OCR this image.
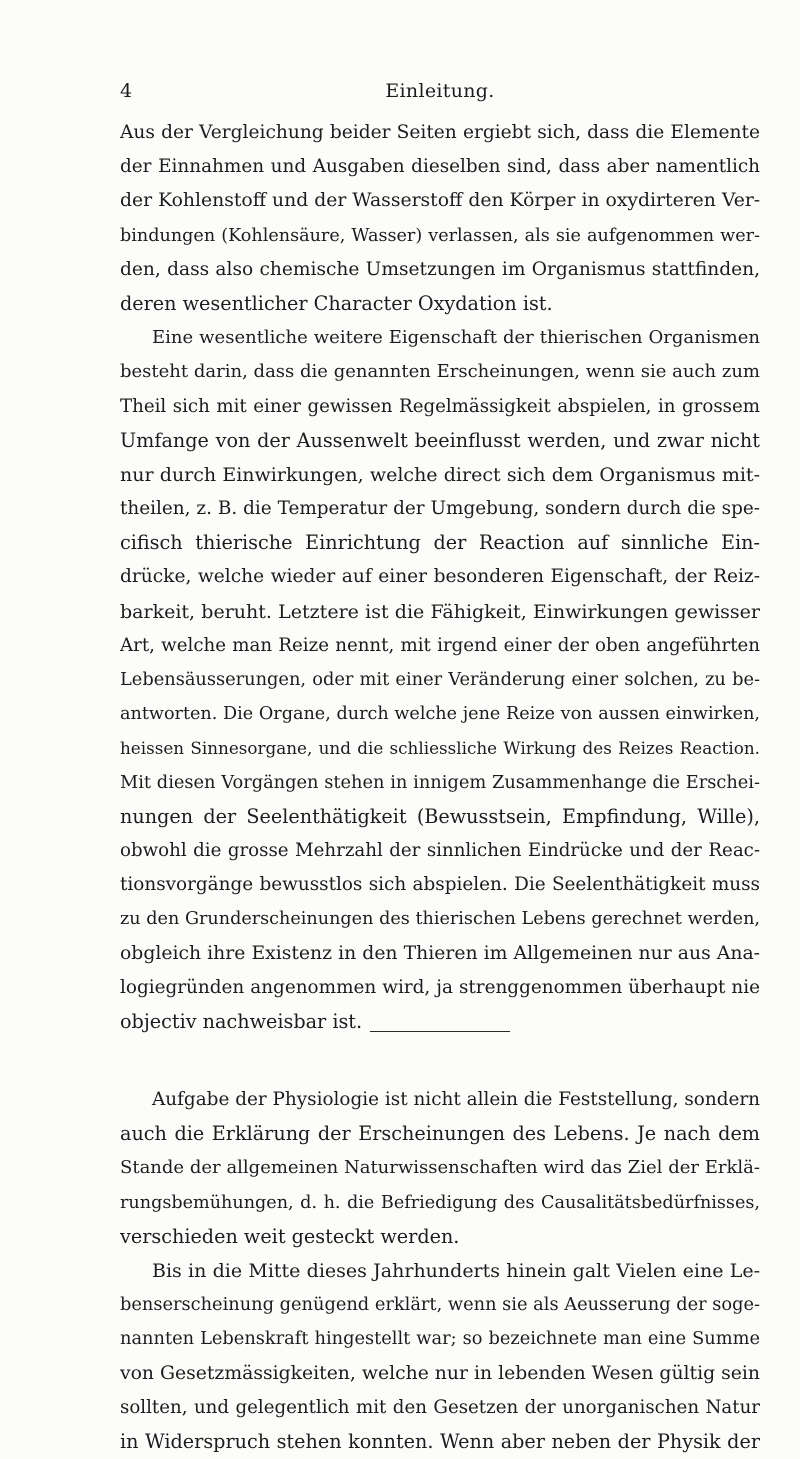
4	Einleitung.
Aus der Vergleichung beider Seiten ergiebt sich, dass die Elemente
der Einnahmen und Ausgaben dieselben sind, dass aber namentlich
der Kohlenstoff und der Wasserstoff den Körper in oxydirteren Ver-
bindungen (Kohlensäure, Wasser) verlassen, als sie aufgenommen wer-
den, dass also chemische Umsetzungen im Organismus stattfinden,
deren wesentlicher Character Oxydation ist.
Eine wesentliche weitere Eigenschaft der thierischen Organismen
besteht darin, dass die genannten Erscheinungen, wenn sie auch zum
Theil sich mit einer gewissen Regelmässigkeit abspielen, in grossem
Umfange von der Aussenwelt beeinflusst werden, und zwar nicht
nur durch Einwirkungen, welche direct sich dem Organismus mit-
theilen, z. B. die Temperatur der Umgebung, sondern durch die spe-
cifisch thierische Einrichtung der Reaction auf sinnliche Ein-
drücke, welche wieder auf einer besonderen Eigenschaft, der Reiz-
barkeit, beruht. Letztere ist die Fähigkeit, Einwirkungen gewisser
Art, welche man Reize nennt, mit irgend einer der oben angeführten
Lebensäusserungen, oder mit einer Veränderung einer solchen, zu be-
antworten. Die Organe, durch welche jene Reize von aussen einwirken,
heissen Sinnesorgane, und die schliessliche Wirkung des Reizes Reaction.
Mit diesen Vorgängen stehen in innigem Zusammenhange die Erschei-
nungen der Seelenthätigkeit (Bewusstsein, Empfindung, Wille),
obwohl die grosse Mehrzahl der sinnlichen Eindrücke und der Reac-
tionsvorgänge bewusstlos sich abspielen. Die Seelenthätigkeit muss
zu den Grunderscheinungen des thierischen Lebens gerechnet werden,
obgleich ihre Existenz in den Thieren im Allgemeinen nur aus Ana-
logiegründen angenommen wird, ja strenggenommen überhaupt nie
objectiv nachweisbar ist.
Aufgabe der Physiologie ist nicht allein die Feststellung, sondern
auch die Erklärung der Erscheinungen des Lebens. Je nach dem
Stande der allgemeinen Naturwissenschaften wird das Ziel der Erklä-
rungsbemühungen, d. h. die Befriedigung des Causalitätsbedürfnisses,
verschieden weit gesteckt werden.
Bis in die Mitte dieses Jahrhunderts hinein galt Vielen eine Le-
benserscheinung genügend erklärt, wenn sie als Aeusserung der soge-
nannten Lebenskraft hingestellt war; so bezeichnete man eine Summe
von Gesetzmässigkeiten, welche nur in lebenden Wesen gültig sein
sollten, und gelegentlich mit den Gesetzen der unorganischen Natur
in Widerspruch stehen konnten. Wenn aber neben der Physik der
